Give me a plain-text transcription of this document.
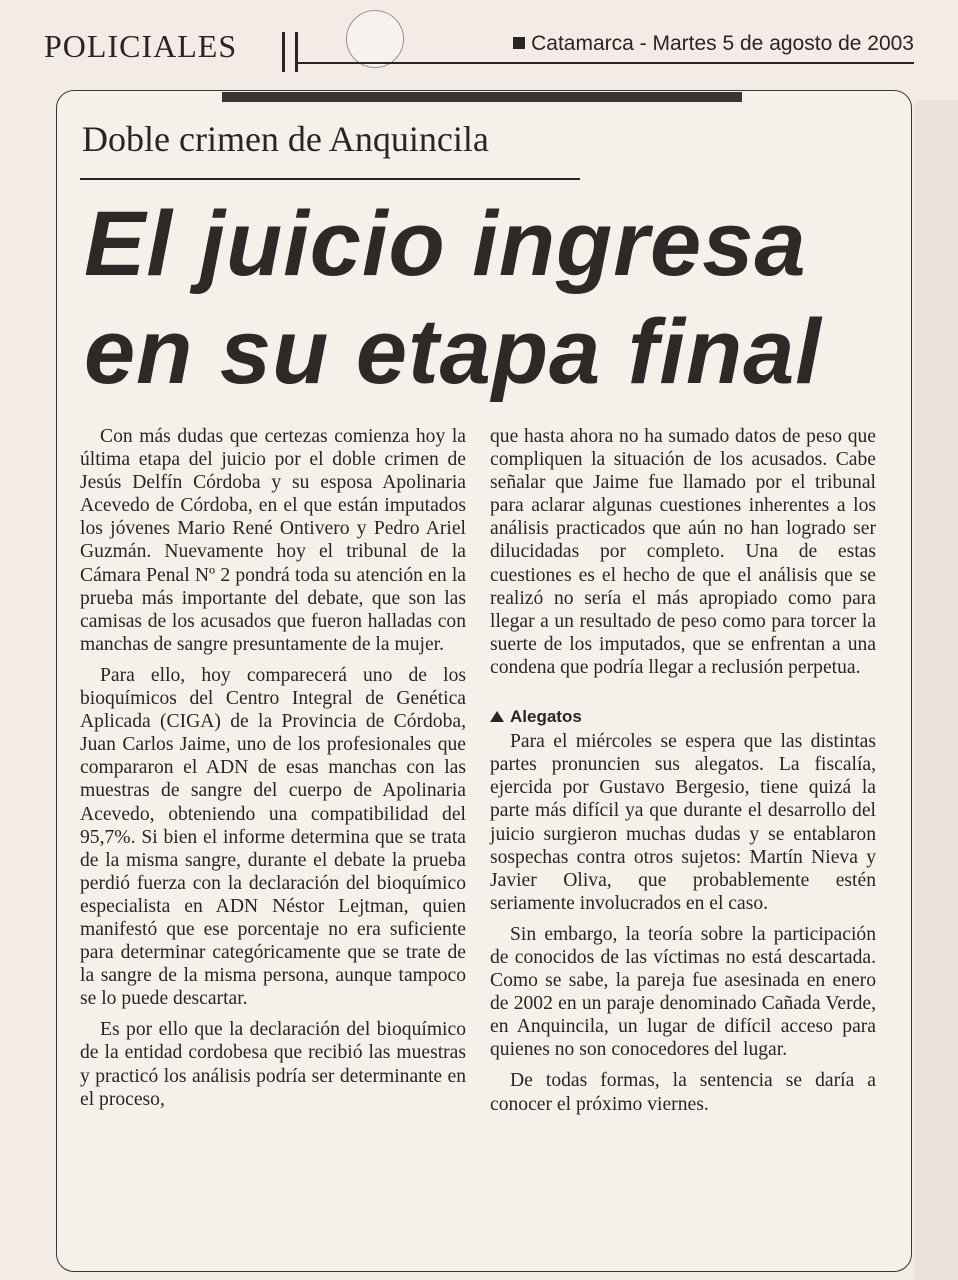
POLICIALES	Catamarca - Martes 5 de agosto de 2003
Doble crimen de Anquincila
El juicio ingresa
en su etapa final

Con más dudas que certezas comienza hoy la última etapa del juicio por el doble crimen de Jesús Delfín Córdoba y su esposa Apolinaria Acevedo de Córdoba, en el que están imputados los jóvenes Mario René Ontivero y Pedro Ariel Guzmán. Nuevamente hoy el tribunal de la Cámara Penal Nº 2 pondrá toda su atención en la prueba más importante del debate, que son las camisas de los acusados que fueron halladas con manchas de sangre presuntamente de la mujer.

Para ello, hoy comparecerá uno de los bioquímicos del Centro Integral de Genética Aplicada (CIGA) de la Provincia de Córdoba, Juan Carlos Jaime, uno de los profesionales que compararon el ADN de esas manchas con las muestras de sangre del cuerpo de Apolinaria Acevedo, obteniendo una compatibilidad del 95,7%. Si bien el informe determina que se trata de la misma sangre, durante el debate la prueba perdió fuerza con la declaración del bioquímico especialista en ADN Néstor Lejtman, quien manifestó que ese porcentaje no era suficiente para determinar categóricamente que se trate de la sangre de la misma persona, aunque tampoco se lo puede descartar.

Es por ello que la declaración del bioquímico de la entidad cordobesa que recibió las muestras y practicó los análisis podría ser determinante en el proceso,

que hasta ahora no ha sumado datos de peso que compliquen la situación de los acusados. Cabe señalar que Jaime fue llamado por el tribunal para aclarar algunas cuestiones inherentes a los análisis practicados que aún no han logrado ser dilucidadas por completo. Una de estas cuestiones es el hecho de que el análisis que se realizó no sería el más apropiado como para llegar a un resultado de peso como para torcer la suerte de los imputados, que se enfrentan a una condena que podría llegar a reclusión perpetua.

Alegatos

Para el miércoles se espera que las distintas partes pronuncien sus alegatos. La fiscalía, ejercida por Gustavo Bergesio, tiene quizá la parte más difícil ya que durante el desarrollo del juicio surgieron muchas dudas y se entablaron sospechas contra otros sujetos: Martín Nieva y Javier Oliva, que probablemente estén seriamente involucrados en el caso.

Sin embargo, la teoría sobre la participación de conocidos de las víctimas no está descartada. Como se sabe, la pareja fue asesinada en enero de 2002 en un paraje denominado Cañada Verde, en Anquincila, un lugar de difícil acceso para quienes no son conocedores del lugar.

De todas formas, la sentencia se daría a conocer el próximo viernes.
